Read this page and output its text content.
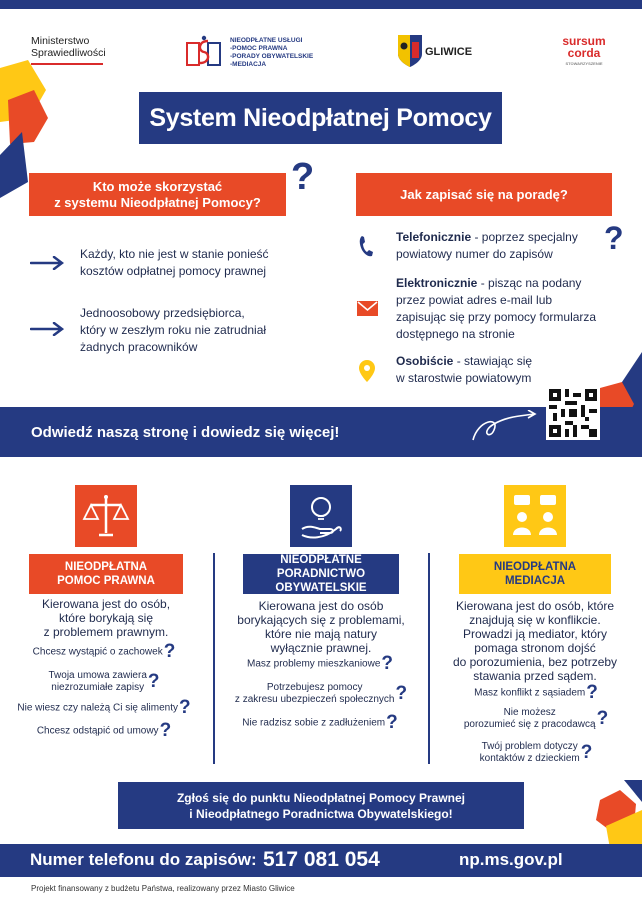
Ministerstwo
Sprawiedliwości
NIEODPŁATNE USŁUGI
-POMOC PRAWNA
-PORADY OBYWATELSKIE
-MEDIACJA
GLIWICE
sursum
corda
STOWARZYSZENIE
System Nieodpłatnej Pomocy
Kto może skorzystać
z systemu Nieodpłatnej Pomocy?
?
Każdy, kto nie jest w stanie ponieść
kosztów odpłatnej pomocy prawnej
Jednoosobowy przedsiębiorca,
który w zeszłym roku nie zatrudniał
żadnych pracowników
Jak zapisać się na poradę?
?
Telefonicznie - poprzez specjalny
powiatowy numer do zapisów
Elektronicznie - pisząc na podany
przez powiat adres e-mail lub
zapisując się przy pomocy formularza
dostępnego na stronie
Osobiście - stawiając się
w starostwie powiatowym
Odwiedź naszą stronę i dowiedz się więcej!
NIEODPŁATNA
POMOC PRAWNA
Kierowana jest do osób,
które borykają się
z problemem prawnym.
Chcesz wystąpić o zachowek?
Twoja umowa zawiera
niezrozumiałe zapisy ?
Nie wiesz czy należą Ci się alimenty?
Chcesz odstąpić od umowy?
NIEODPŁATNE
PORADNICTWO OBYWATELSKIE
Kierowana jest do osób
borykających się z problemami,
które nie mają natury
wyłącznie prawnej.
Masz problemy mieszkaniowe?
Potrzebujesz pomocy
z zakresu ubezpieczeń społecznych ?
Nie radzisz sobie z zadłużeniem?
NIEODPŁATNA
MEDIACJA
Kierowana jest do osób, które
znajdują się w konflikcie.
Prowadzi ją mediator, który
pomaga stronom dojść
do porozumienia, bez potrzeby
stawania przed sądem.
Masz konflikt z sąsiadem?
Nie możesz
porozumieć się z pracodawcą ?
Twój problem dotyczy
kontaktów z dzieckiem ?
Zgłoś się do punktu Nieodpłatnej Pomocy Prawnej
i Nieodpłatnego Poradnictwa Obywatelskiego!
Numer telefonu do zapisów: 517 081 054	np.ms.gov.pl
Projekt finansowany z budżetu Państwa, realizowany przez Miasto Gliwice
